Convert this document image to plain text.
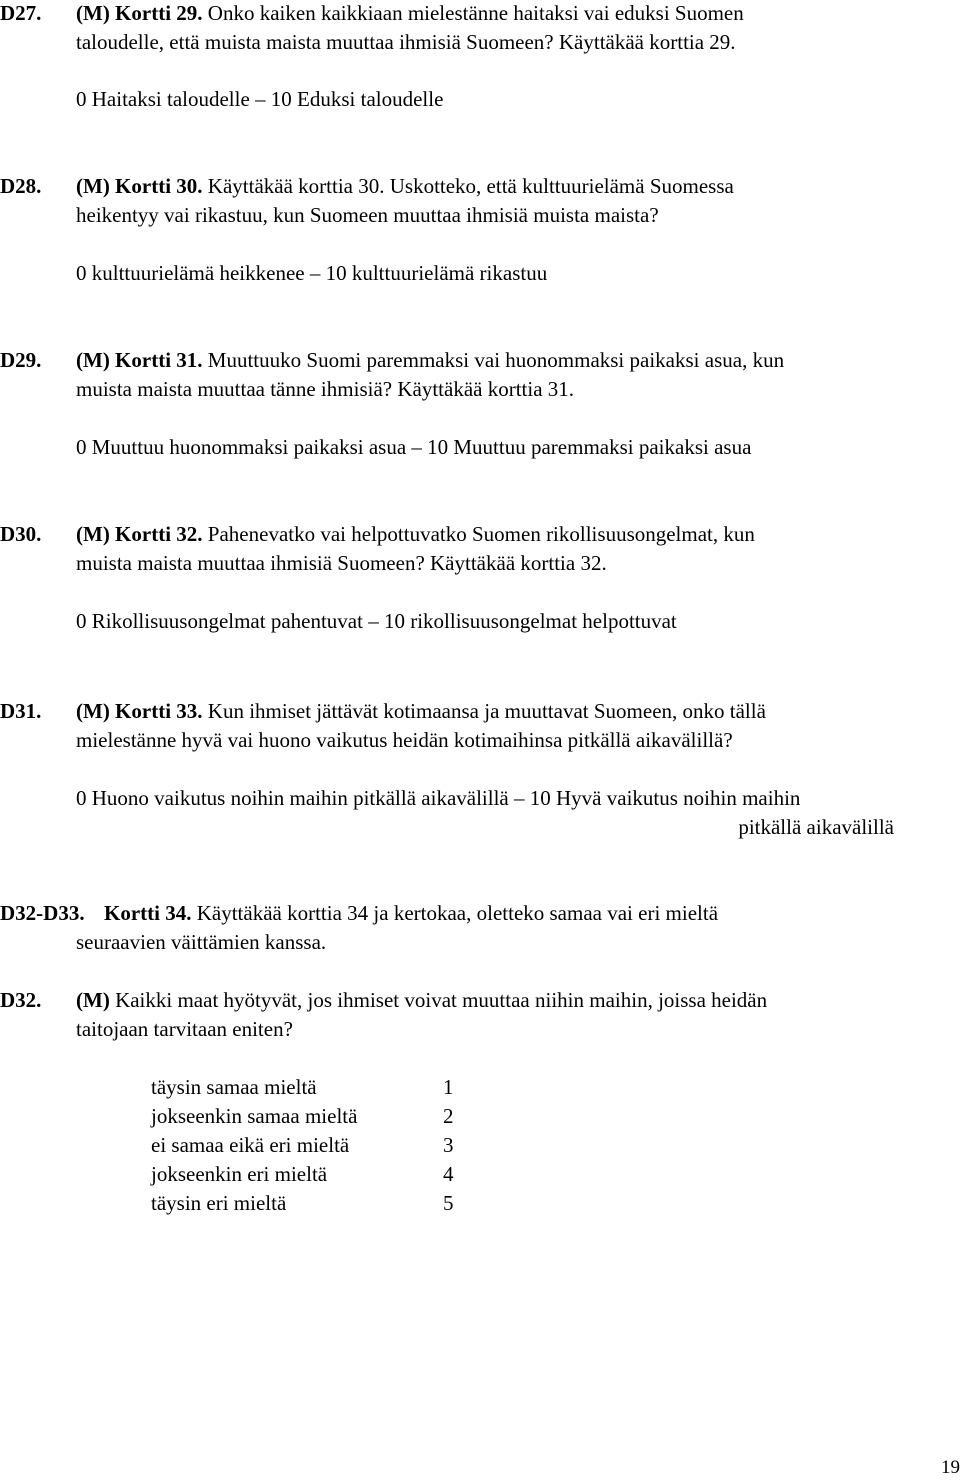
D27. (M) Kortti 29. Onko kaiken kaikkiaan mielestänne haitaksi vai eduksi Suomen

taloudelle, että muista maista muuttaa ihmisiä Suomeen? Käyttäkää korttia 29.

0 Haitaksi taloudelle – 10 Eduksi taloudelle
D28. (M) Kortti 30. Käyttäkää korttia 30. Uskotteko, että kulttuurielämä Suomessa

heikentyy vai rikastuu, kun Suomeen muuttaa ihmisiä muista maista?

0 kulttuurielämä heikkenee – 10 kulttuurielämä rikastuu
D29. (M) Kortti 31. Muuttuuko Suomi paremmaksi vai huonommaksi paikaksi asua, kun

muista maista muuttaa tänne ihmisiä? Käyttäkää korttia 31.

0 Muuttuu huonommaksi paikaksi asua – 10 Muuttuu paremmaksi paikaksi asua
D30. (M) Kortti 32. Pahenevatko vai helpottuvatko Suomen rikollisuusongelmat, kun

muista maista muuttaa ihmisiä Suomeen? Käyttäkää korttia 32.

0 Rikollisuusongelmat pahentuvat – 10 rikollisuusongelmat helpottuvat
D31. (M) Kortti 33. Kun ihmiset jättävät kotimaansa ja muuttavat Suomeen, onko tällä

mielestänne hyvä vai huono vaikutus heidän kotimaihinsa pitkällä aikavälillä?

0 Huono vaikutus noihin maihin pitkällä aikavälillä – 10 Hyvä vaikutus noihin maihin
pitkällä aikavälillä
D32-D33. Kortti 34. Käyttäkää korttia 34 ja kertokaa, oletteko samaa vai eri mieltä

seuraavien väittämien kanssa.
D32. (M) Kaikki maat hyötyvät, jos ihmiset voivat muuttaa niihin maihin, joissa heidän

taitojaan tarvitaan eniten?

täysin samaa mieltä	1
jokseenkin samaa mieltä	2
ei samaa eikä eri mieltä	3
jokseenkin eri mieltä	4
täysin eri mieltä	5
19
